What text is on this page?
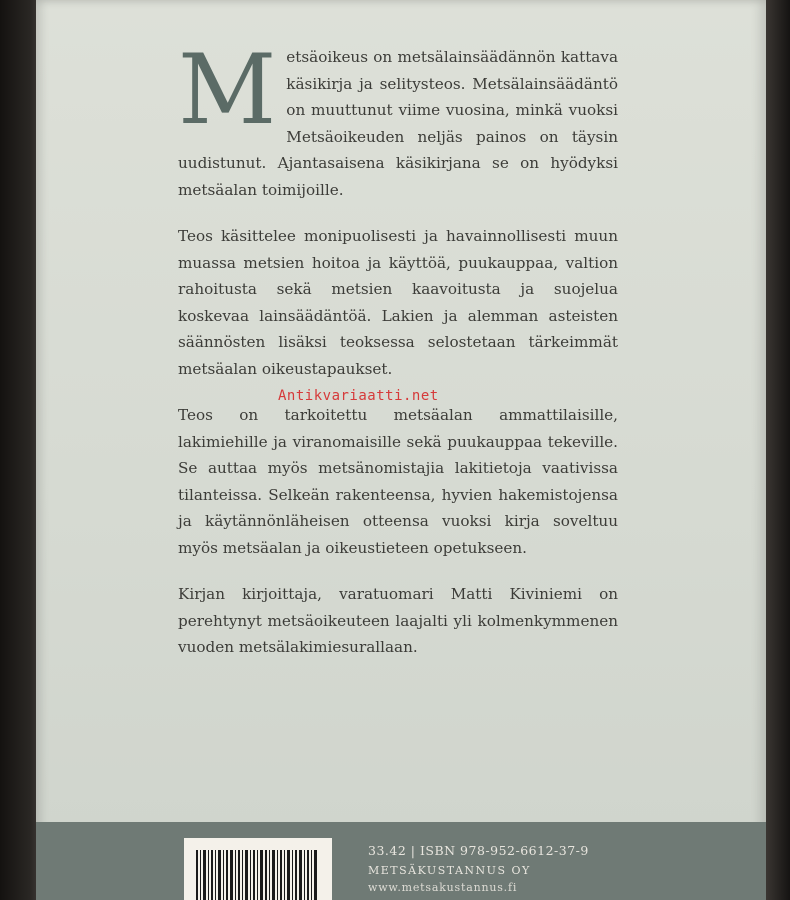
M etsäoikeus on metsälainsäädännön kattava käsikirja ja selitysteos. Metsälainsäädäntö on muuttunut viime vuosina, minkä vuoksi Metsäoikeuden neljäs painos on täysin uudistunut. Ajantasaisena käsikirjana se on hyödyksi metsäalan toimijoille.

Teos käsittelee monipuolisesti ja havainnollisesti muun muassa metsien hoitoa ja käyttöä, puukauppaa, valtion rahoitusta sekä metsien kaavoitusta ja suojelua koskevaa lainsäädäntöä. Lakien ja alemman asteisten säännösten lisäksi teoksessa selostetaan tärkeimmät metsäalan oikeustapaukset.

Teos on tarkoitettu metsäalan ammattilaisille, lakimiehille ja viranomaisille sekä puukauppaa tekeville. Se auttaa myös metsänomistajia lakitietoja vaativissa tilanteissa. Selkeän rakenteensa, hyvien hakemistojensa ja käytännönläheisen otteensa vuoksi kirja soveltuu myös metsäalan ja oikeustieteen opetukseen.

Kirjan kirjoittaja, varatuomari Matti Kiviniemi on perehtynyt metsäoikeuteen laajalti yli kolmenkymmenen vuoden metsälakimiesurallaan.

33.42 | ISBN 978-952-6612-37-9
METSÄKUSTANNUS OY
www.metsakustannus.fi
Antikvariaatti.net
